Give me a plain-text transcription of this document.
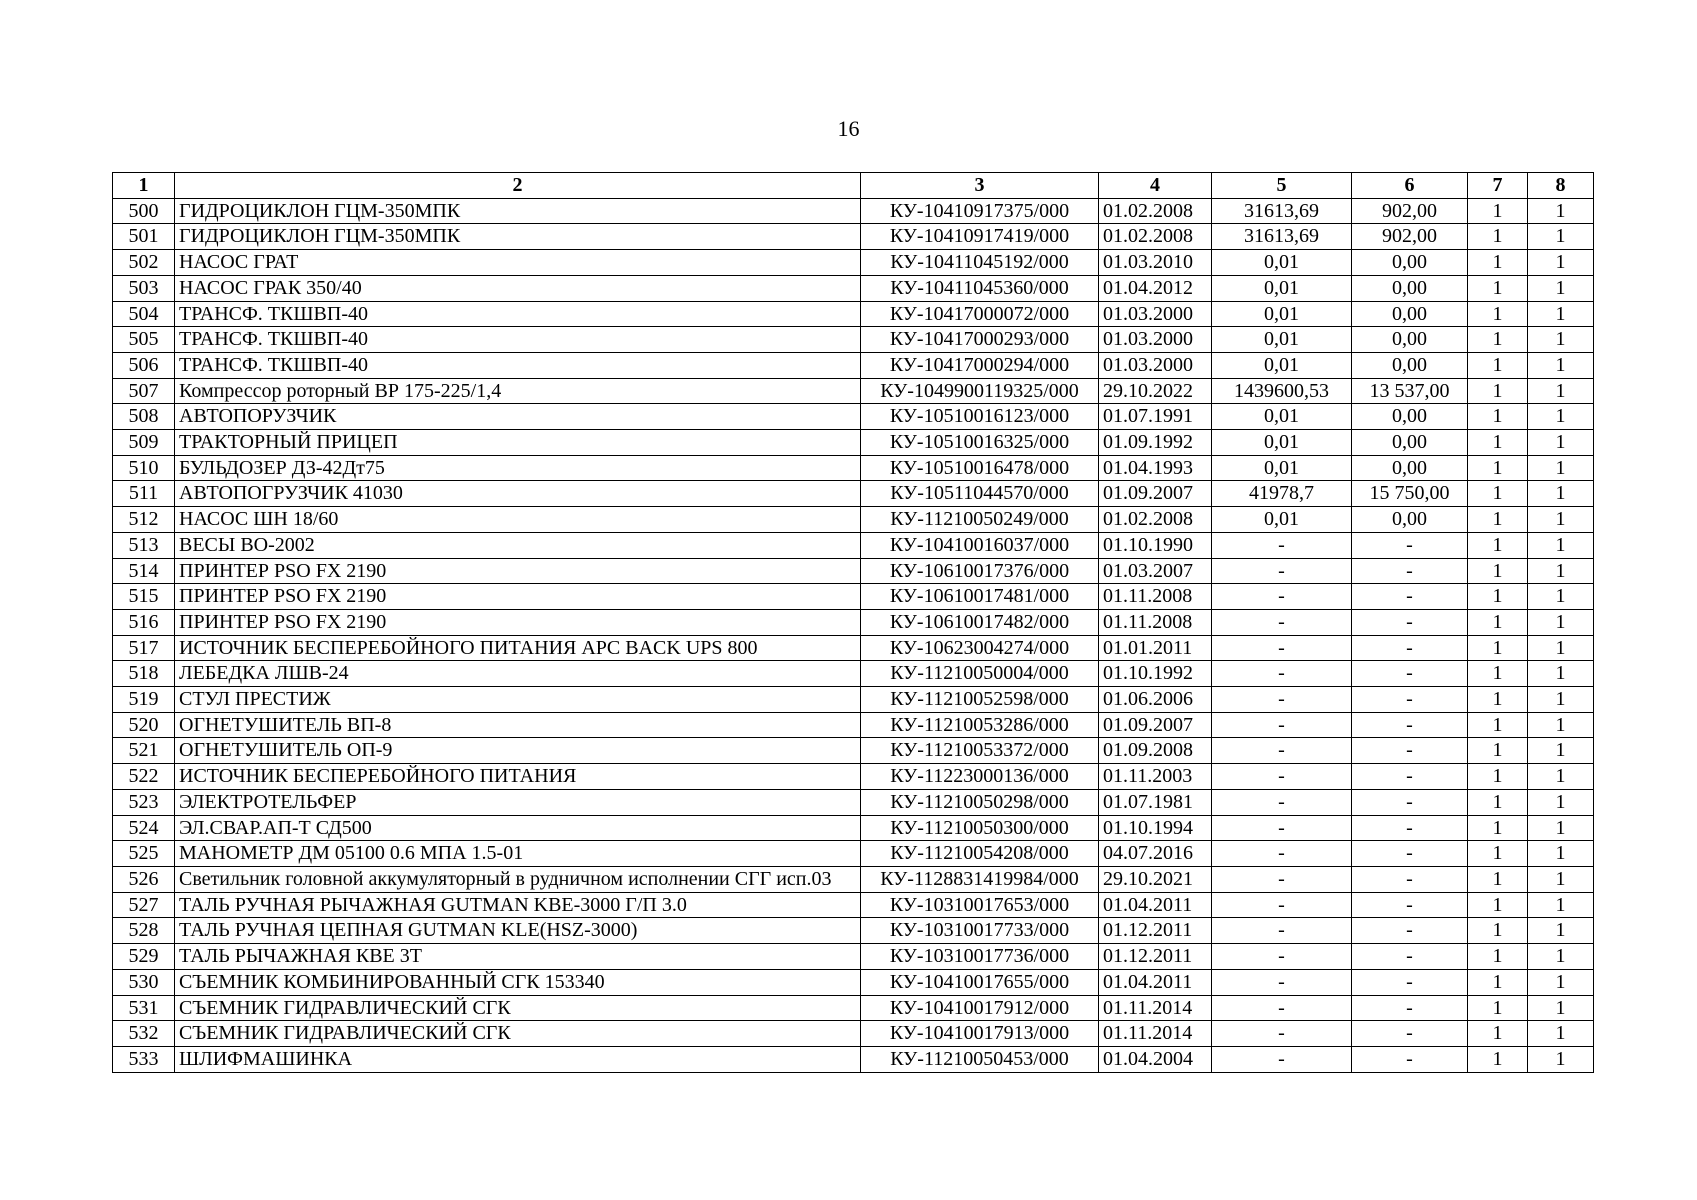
16
1	2	3	4	5	6	7	8
500	ГИДРОЦИКЛОН ГЦМ-350МПК	КУ-10410917375/000	01.02.2008	31613,69	902,00	1	1
501	ГИДРОЦИКЛОН ГЦМ-350МПК	КУ-10410917419/000	01.02.2008	31613,69	902,00	1	1
502	НАСОС ГРАТ	КУ-10411045192/000	01.03.2010	0,01	0,00	1	1
503	НАСОС ГРАК 350/40	КУ-10411045360/000	01.04.2012	0,01	0,00	1	1
504	ТРАНСФ. ТКШВП-40	КУ-10417000072/000	01.03.2000	0,01	0,00	1	1
505	ТРАНСФ. ТКШВП-40	КУ-10417000293/000	01.03.2000	0,01	0,00	1	1
506	ТРАНСФ. ТКШВП-40	КУ-10417000294/000	01.03.2000	0,01	0,00	1	1
507	Компрессор роторный ВР 175-225/1,4	КУ-1049900119325/000	29.10.2022	1439600,53	13 537,00	1	1
508	АВТОПОРУЗЧИК	КУ-10510016123/000	01.07.1991	0,01	0,00	1	1
509	ТРАКТОРНЫЙ ПРИЦЕП	КУ-10510016325/000	01.09.1992	0,01	0,00	1	1
510	БУЛЬДОЗЕР ДЗ-42Дт75	КУ-10510016478/000	01.04.1993	0,01	0,00	1	1
511	АВТОПОГРУЗЧИК 41030	КУ-10511044570/000	01.09.2007	41978,7	15 750,00	1	1
512	НАСОС ШН 18/60	КУ-11210050249/000	01.02.2008	0,01	0,00	1	1
513	ВЕСЫ ВО-2002	КУ-10410016037/000	01.10.1990	-	-	1	1
514	ПРИНТЕР PSO FX 2190	КУ-10610017376/000	01.03.2007	-	-	1	1
515	ПРИНТЕР PSO FX 2190	КУ-10610017481/000	01.11.2008	-	-	1	1
516	ПРИНТЕР PSO FX 2190	КУ-10610017482/000	01.11.2008	-	-	1	1
517	ИСТОЧНИК БЕСПЕРЕБОЙНОГО ПИТАНИЯ APC BACK UPS 800	КУ-10623004274/000	01.01.2011	-	-	1	1
518	ЛЕБЕДКА ЛШВ-24	КУ-11210050004/000	01.10.1992	-	-	1	1
519	СТУЛ ПРЕСТИЖ	КУ-11210052598/000	01.06.2006	-	-	1	1
520	ОГНЕТУШИТЕЛЬ ВП-8	КУ-11210053286/000	01.09.2007	-	-	1	1
521	ОГНЕТУШИТЕЛЬ ОП-9	КУ-11210053372/000	01.09.2008	-	-	1	1
522	ИСТОЧНИК БЕСПЕРЕБОЙНОГО ПИТАНИЯ	КУ-11223000136/000	01.11.2003	-	-	1	1
523	ЭЛЕКТРОТЕЛЬФЕР	КУ-11210050298/000	01.07.1981	-	-	1	1
524	ЭЛ.СВАР.АП-Т СД500	КУ-11210050300/000	01.10.1994	-	-	1	1
525	МАНОМЕТР ДМ 05100 0.6 МПА 1.5-01	КУ-11210054208/000	04.07.2016	-	-	1	1
526	Светильник головной аккумуляторный в рудничном исполнении СГГ исп.03	КУ-1128831419984/000	29.10.2021	-	-	1	1
527	ТАЛЬ РУЧНАЯ РЫЧАЖНАЯ GUTMAN KBE-3000 Г/П 3.0	КУ-10310017653/000	01.04.2011	-	-	1	1
528	ТАЛЬ РУЧНАЯ ЦЕПНАЯ GUTMAN KLE(HSZ-3000)	КУ-10310017733/000	01.12.2011	-	-	1	1
529	ТАЛЬ РЫЧАЖНАЯ КВЕ 3Т	КУ-10310017736/000	01.12.2011	-	-	1	1
530	СЪЕМНИК КОМБИНИРОВАННЫЙ СГК 153340	КУ-10410017655/000	01.04.2011	-	-	1	1
531	СЪЕМНИК ГИДРАВЛИЧЕСКИЙ СГК	КУ-10410017912/000	01.11.2014	-	-	1	1
532	СЪЕМНИК ГИДРАВЛИЧЕСКИЙ СГК	КУ-10410017913/000	01.11.2014	-	-	1	1
533	ШЛИФМАШИНКА	КУ-11210050453/000	01.04.2004	-	-	1	1
